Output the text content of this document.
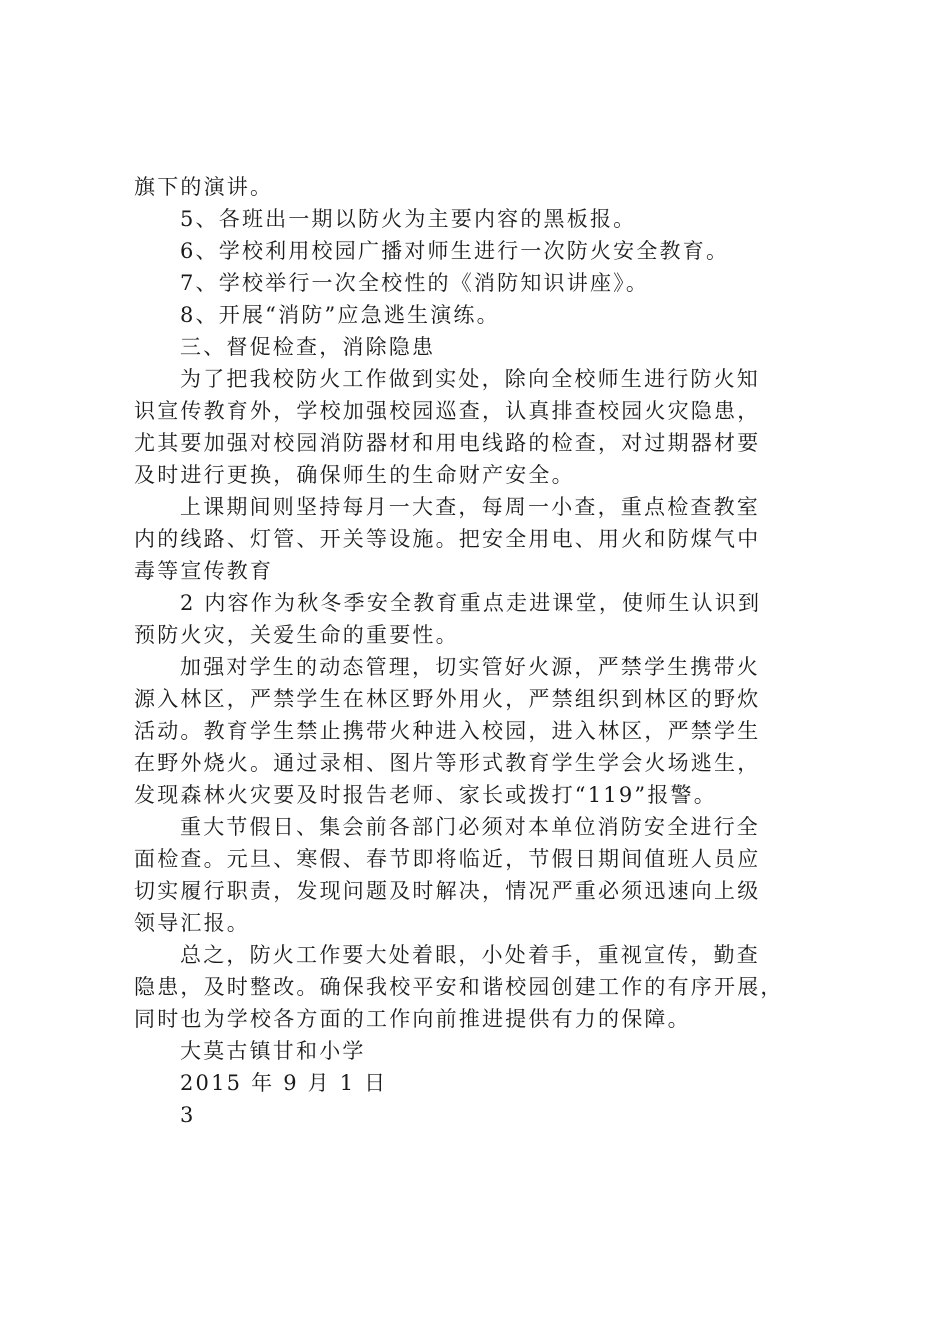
旗下的演讲。
5、各班出一期以防火为主要内容的黑板报。
6、学校利用校园广播对师生进行一次防火安全教育。
7、学校举行一次全校性的《消防知识讲座》。
8、开展“消防”应急逃生演练。
三、督促检查，消除隐患
为了把我校防火工作做到实处，除向全校师生进行防火知
识宣传教育外，学校加强校园巡查，认真排查校园火灾隐患，
尤其要加强对校园消防器材和用电线路的检查，对过期器材要
及时进行更换，确保师生的生命财产安全。
上课期间则坚持每月一大查，每周一小查，重点检查教室
内的线路、灯管、开关等设施。把安全用电、用火和防煤气中
毒等宣传教育
2 内容作为秋冬季安全教育重点走进课堂，使师生认识到
预防火灾，关爱生命的重要性。
加强对学生的动态管理，切实管好火源，严禁学生携带火
源入林区，严禁学生在林区野外用火，严禁组织到林区的野炊
活动。教育学生禁止携带火种进入校园，进入林区，严禁学生
在野外烧火。通过录相、图片等形式教育学生学会火场逃生，
发现森林火灾要及时报告老师、家长或拨打“119”报警。
重大节假日、集会前各部门必须对本单位消防安全进行全
面检查。元旦、寒假、春节即将临近，节假日期间值班人员应
切实履行职责，发现问题及时解决，情况严重必须迅速向上级
领导汇报。
总之，防火工作要大处着眼，小处着手，重视宣传，勤查
隐患，及时整改。确保我校平安和谐校园创建工作的有序开展，
同时也为学校各方面的工作向前推进提供有力的保障。
大莫古镇甘和小学
2015 年 9 月 1 日
3
